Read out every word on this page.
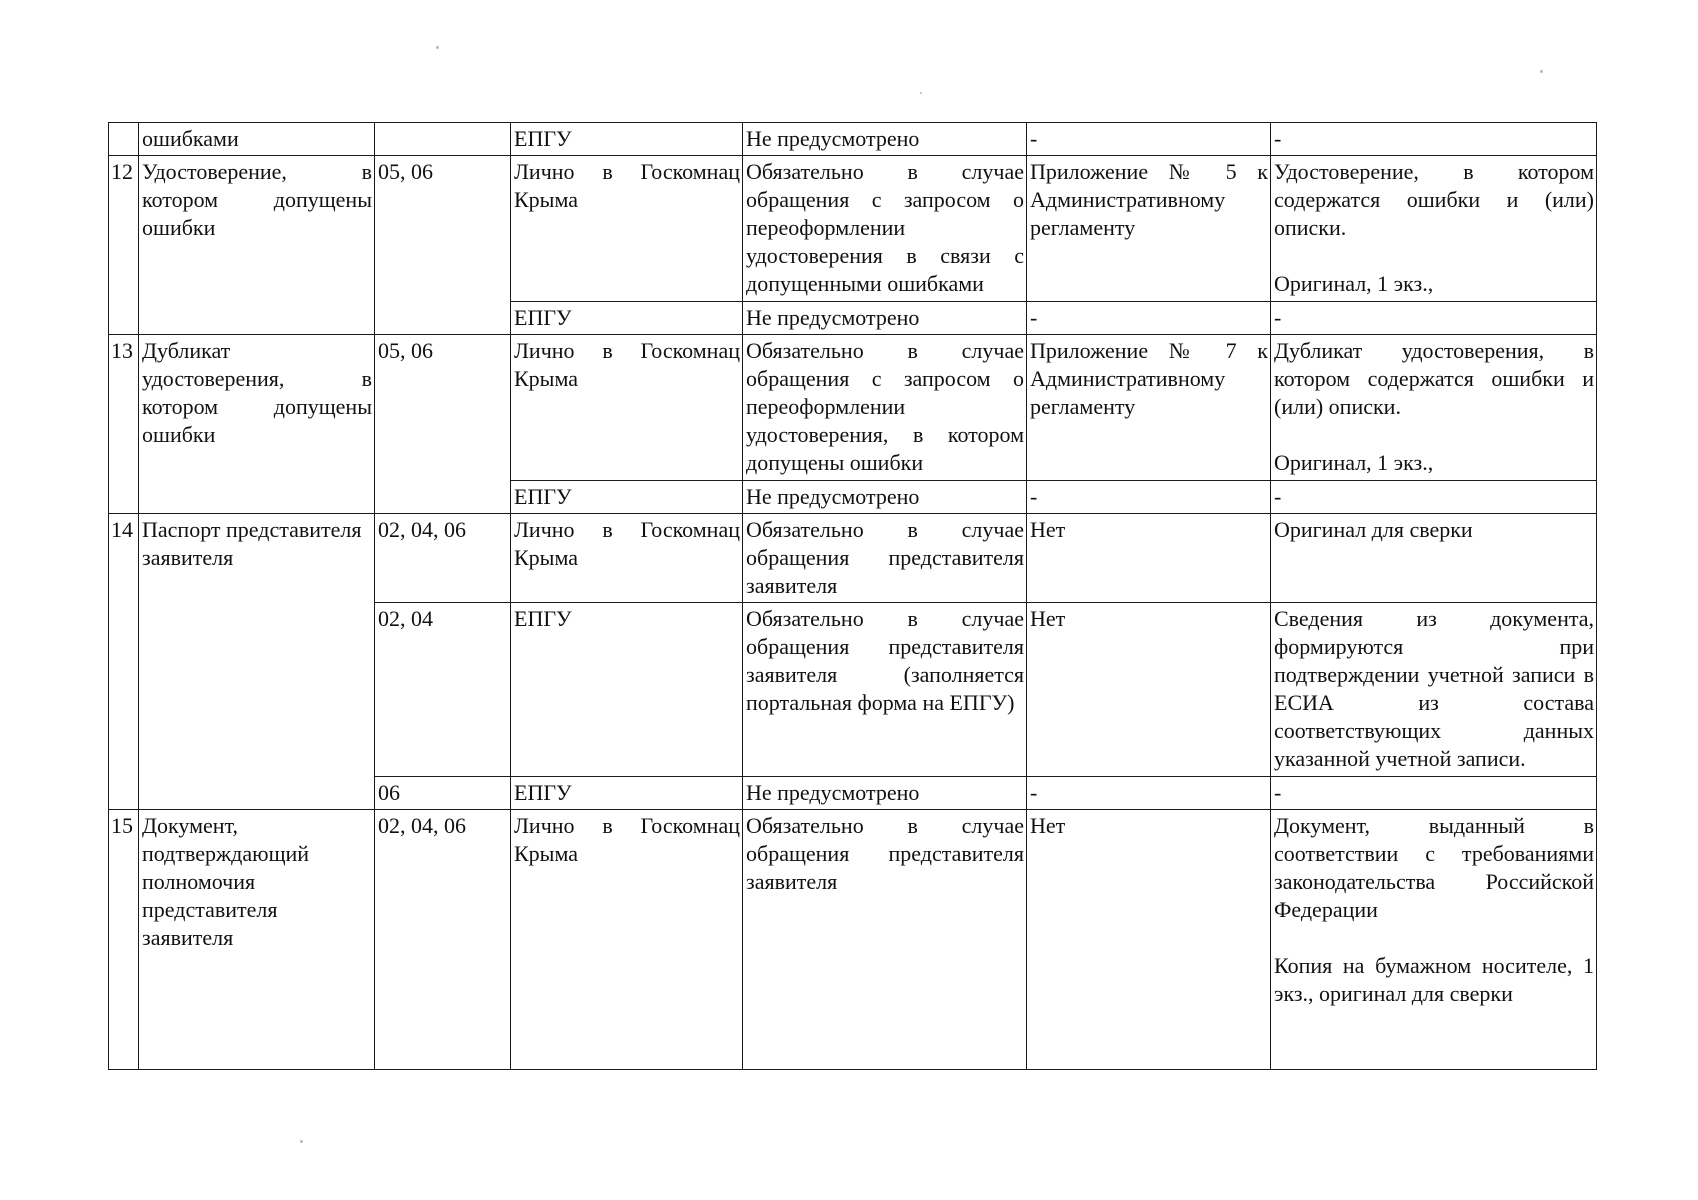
	ошибками		ЕПГУ	Не предусмотрено	-	-
12	Удостоверение, в котором допущены ошибки	05, 06	Лично в Госкомнац Крыма	Обязательно в случае обращения с запросом о переоформлении удостоверения в связи с допущенными ошибками	Приложение № 5 к Административному регламенту	Удостоверение, в котором содержатся ошибки и (или) описки.
Оригинал, 1 экз.,
			ЕПГУ	Не предусмотрено	-	-
13	Дубликат удостоверения, в котором допущены ошибки	05, 06	Лично в Госкомнац Крыма	Обязательно в случае обращения с запросом о переоформлении удостоверения, в котором допущены ошибки	Приложение № 7 к Административному регламенту	Дубликат удостоверения, в котором содержатся ошибки и (или) описки.
Оригинал, 1 экз.,
			ЕПГУ	Не предусмотрено	-	-
14	Паспорт представителя заявителя	02, 04, 06	Лично в Госкомнац Крыма	Обязательно в случае обращения представителя заявителя	Нет	Оригинал для сверки
		02, 04	ЕПГУ	Обязательно в случае обращения представителя заявителя (заполняется портальная форма на ЕПГУ)	Нет	Сведения из документа, формируются при подтверждении учетной записи в ЕСИА из состава соответствующих данных указанной учетной записи.
		06	ЕПГУ	Не предусмотрено	-	-
15	Документ, подтверждающий полномочия представителя заявителя	02, 04, 06	Лично в Госкомнац Крыма	Обязательно в случае обращения представителя заявителя	Нет	Документ, выданный в соответствии с требованиями законодательства Российской Федерации
Копия на бумажном носителе, 1 экз., оригинал для сверки
